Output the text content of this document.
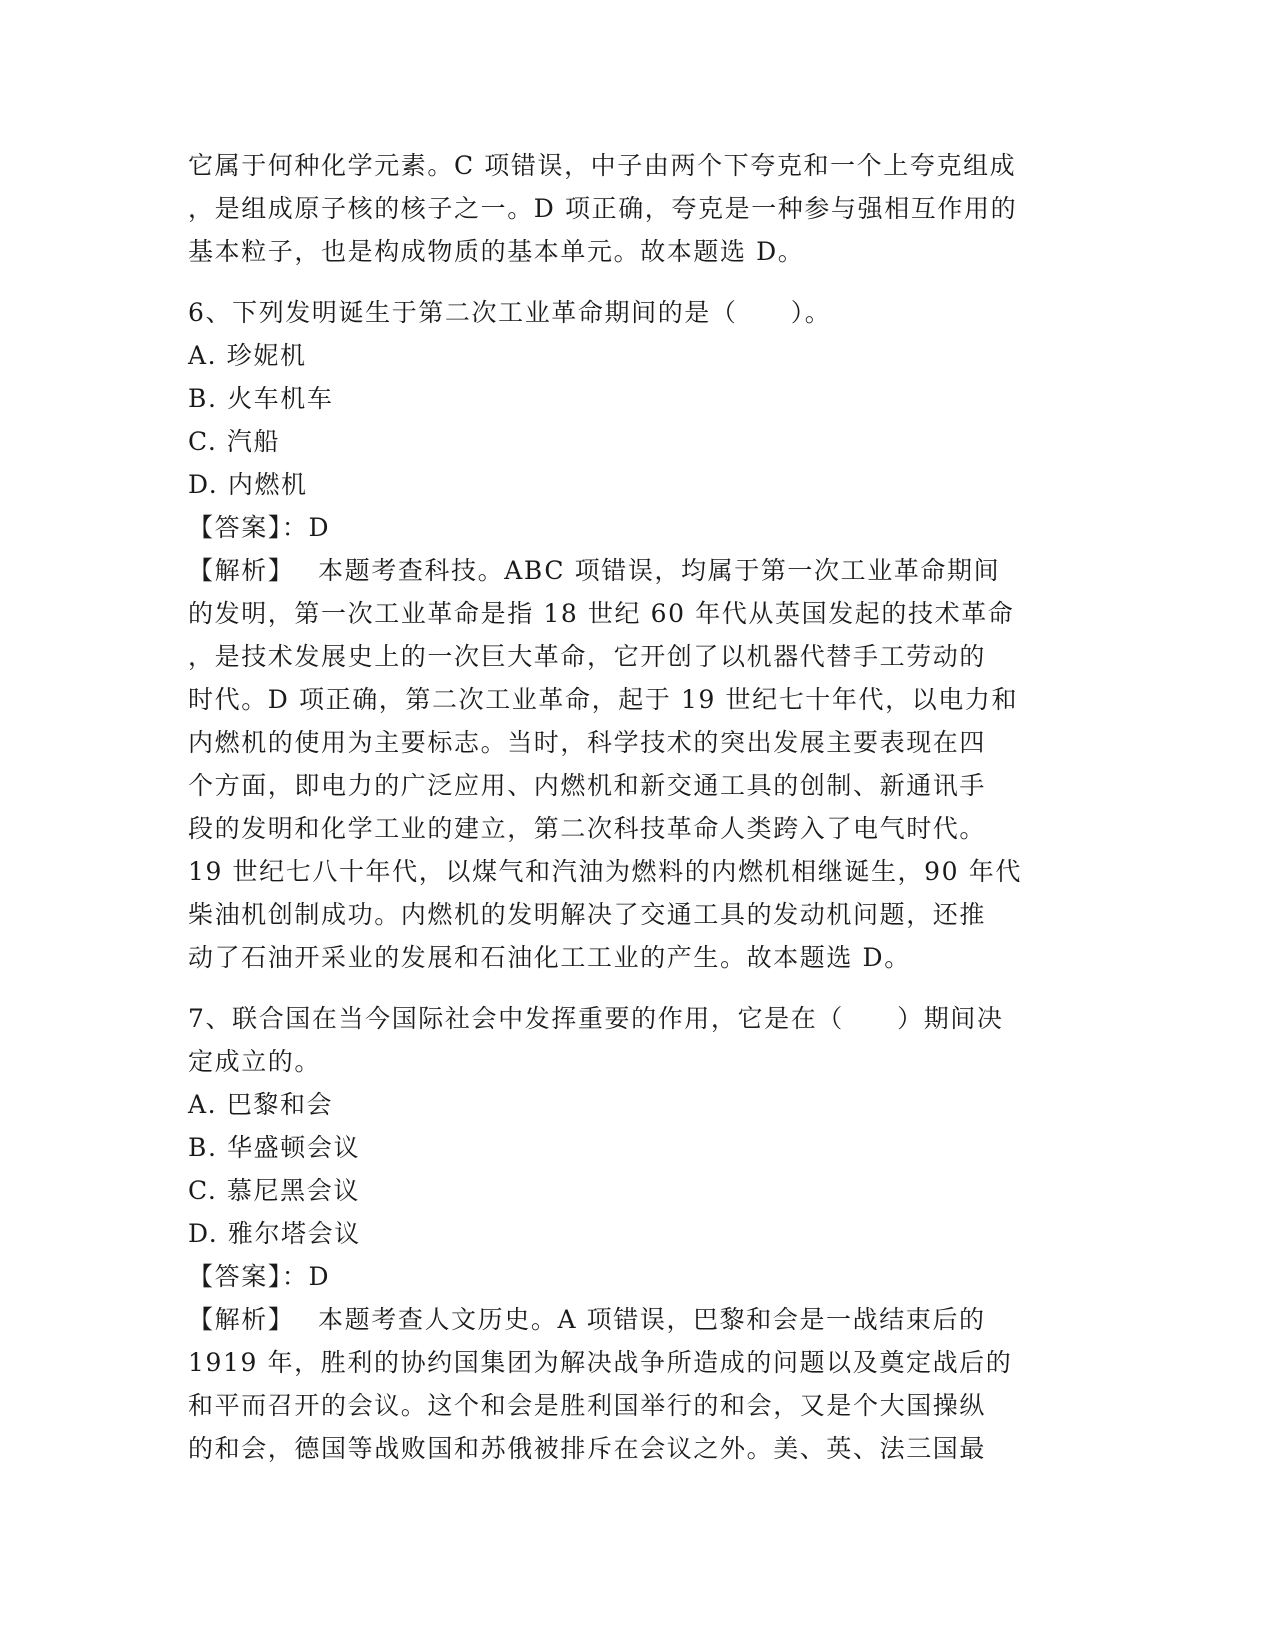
它属于何种化学元素。C 项错误，中子由两个下夸克和一个上夸克组成
，是组成原子核的核子之一。D 项正确，夸克是一种参与强相互作用的
基本粒子，也是构成物质的基本单元。故本题选 D。
6、下列发明诞生于第二次工业革命期间的是（　　）。
A. 珍妮机
B. 火车机车
C. 汽船
D. 内燃机
【答案】：D
【解析】　 本题考查科技。ABC 项错误，均属于第一次工业革命期间
的发明，第一次工业革命是指 18 世纪 60 年代从英国发起的技术革命
，是技术发展史上的一次巨大革命，它开创了以机器代替手工劳动的
时代。D 项正确，第二次工业革命，起于 19 世纪七十年代，以电力和
内燃机的使用为主要标志。当时，科学技术的突出发展主要表现在四
个方面，即电力的广泛应用、内燃机和新交通工具的创制、新通讯手
段的发明和化学工业的建立，第二次科技革命人类跨入了电气时代。
19 世纪七八十年代，以煤气和汽油为燃料的内燃机相继诞生，90 年代
柴油机创制成功。内燃机的发明解决了交通工具的发动机问题，还推
动了石油开采业的发展和石油化工工业的产生。故本题选 D。
7、联合国在当今国际社会中发挥重要的作用，它是在（　　）期间决
定成立的。
A. 巴黎和会
B. 华盛顿会议
C. 慕尼黑会议
D. 雅尔塔会议
【答案】：D
【解析】　 本题考查人文历史。A 项错误，巴黎和会是一战结束后的
1919 年，胜利的协约国集团为解决战争所造成的问题以及奠定战后的
和平而召开的会议。这个和会是胜利国举行的和会，又是个大国操纵
的和会，德国等战败国和苏俄被排斥在会议之外。美、英、法三国最
